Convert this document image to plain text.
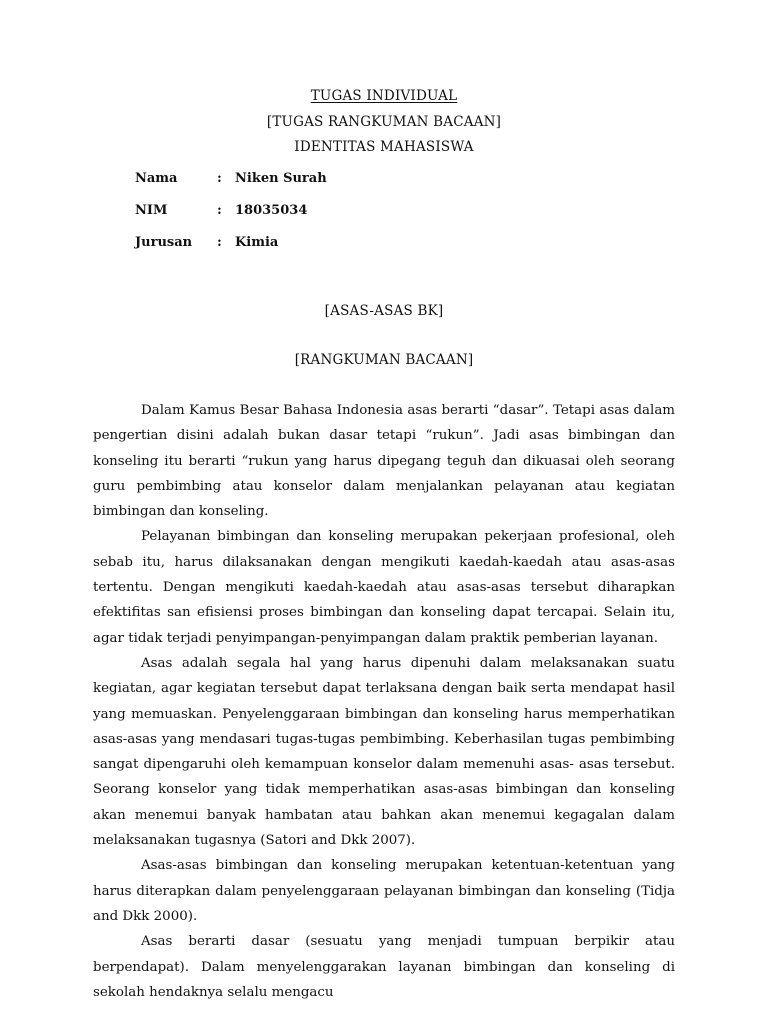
TUGAS INDIVIDUAL
[TUGAS RANGKUMAN BACAAN]
IDENTITAS MAHASISWA
Nama	: Niken Surah
NIM	: 18035034
Jurusan : Kimia
[ASAS-ASAS BK]
[RANGKUMAN BACAAN]

Dalam Kamus Besar Bahasa Indonesia asas berarti “dasar”. Tetapi asas dalam pengertian disini adalah bukan dasar tetapi “rukun”. Jadi asas bimbingan dan konseling itu berarti “rukun yang harus dipegang teguh dan dikuasai oleh seorang guru pembimbing atau konselor dalam menjalankan pelayanan atau kegiatan bimbingan dan konseling.

Pelayanan bimbingan dan konseling merupakan pekerjaan profesional, oleh sebab itu, harus dilaksanakan dengan mengikuti kaedah-kaedah atau asas-asas tertentu. Dengan mengikuti kaedah-kaedah atau asas-asas tersebut diharapkan efektifitas san efisiensi proses bimbingan dan konseling dapat tercapai. Selain itu, agar tidak terjadi penyimpangan-penyimpangan dalam praktik pemberian layanan.

Asas adalah segala hal yang harus dipenuhi dalam melaksanakan suatu kegiatan, agar kegiatan tersebut dapat terlaksana dengan baik serta mendapat hasil yang memuaskan. Penyelenggaraan bimbingan dan konseling harus memperhatikan asas-asas yang mendasari tugas-tugas pembimbing. Keberhasilan tugas pembimbing sangat dipengaruhi oleh kemampuan konselor dalam memenuhi asas- asas tersebut. Seorang konselor yang tidak memperhatikan asas-asas bimbingan dan konseling akan menemui banyak hambatan atau bahkan akan menemui kegagalan dalam melaksanakan tugasnya (Satori and Dkk 2007).

Asas-asas bimbingan dan konseling merupakan ketentuan-ketentuan yang harus diterapkan dalam penyelenggaraan pelayanan bimbingan dan konseling (Tidja and Dkk 2000).

Asas berarti dasar (sesuatu yang menjadi tumpuan berpikir atau berpendapat). Dalam menyelenggarakan layanan bimbingan dan konseling di sekolah hendaknya selalu mengacu
